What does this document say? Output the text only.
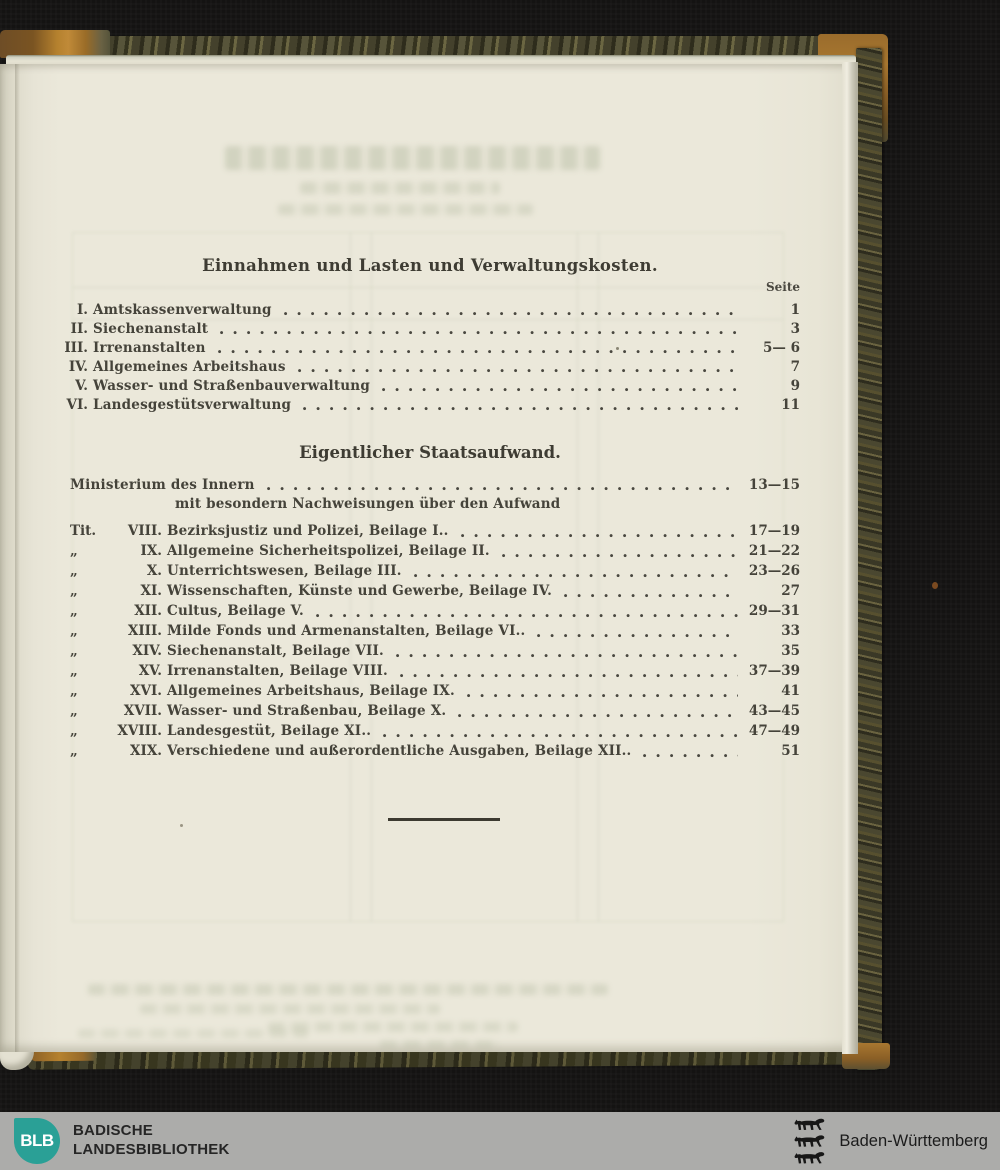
Einnahmen und Lasten und Verwaltungskosten.
Seite
I. Amtskassenverwaltung	1
II. Siechenanstalt	3
III. Irrenanstalten	5— 6
IV. Allgemeines Arbeitshaus	7
V. Wasser- und Straßenbauverwaltung	9
VI. Landesgestütsverwaltung	11
Eigentlicher Staatsaufwand.
Ministerium des Innern	13—15
mit besondern Nachweisungen über den Aufwand
Tit.	VIII. Bezirksjustiz und Polizei, Beilage I..	17—19
„	IX. Allgemeine Sicherheitspolizei, Beilage II.	21—22
„	X. Unterrichtswesen, Beilage III.	23—26
„	XI. Wissenschaften, Künste und Gewerbe, Beilage IV.	27
„	XII. Cultus, Beilage V.	29—31
„	XIII. Milde Fonds und Armenanstalten, Beilage VI..	33
„	XIV. Siechenanstalt, Beilage VII.	35
„	XV. Irrenanstalten, Beilage VIII.	37—39
„	XVI. Allgemeines Arbeitshaus, Beilage IX.	41
„	XVII. Wasser- und Straßenbau, Beilage X.	43—45
„	XVIII. Landesgestüt, Beilage XI..	47—49
„	XIX. Verschiedene und außerordentliche Ausgaben, Beilage XII..	51
BLB
BADISCHE
LANDESBIBLIOTHEK	Baden-Württemberg
